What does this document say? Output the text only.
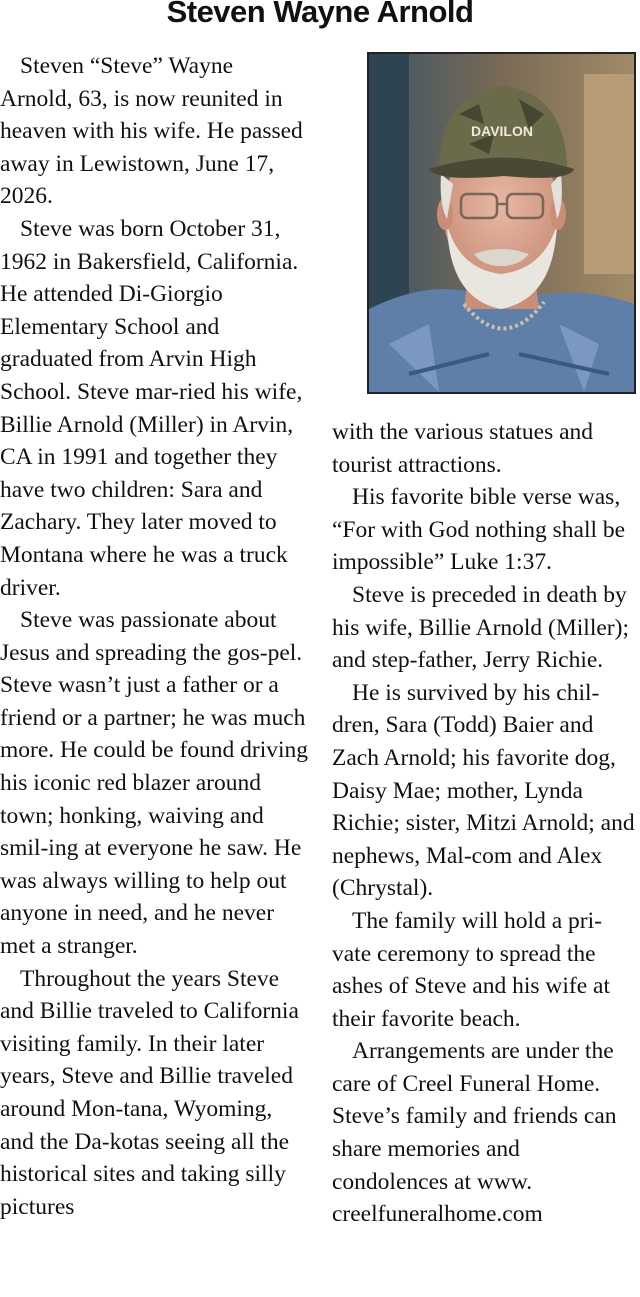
Steven Wayne Arnold
DAVILON

Steven “Steve” Wayne Arnold, 63, is now reunited in heaven with his wife. He passed away in Lewistown, June 17, 2026.

Steve was born October 31, 1962 in Bakersfield, California. He attended Di-Giorgio Elementary School and graduated from Arvin High School. Steve mar-ried his wife, Billie Arnold (Miller) in Arvin, CA in 1991 and together they have two children: Sara and Zachary. They later moved to Montana where he was a truck driver.

Steve was passionate about Jesus and spreading the gos-pel. Steve wasn’t just a father or a friend or a partner; he was much more. He could be found driving his iconic red blazer around town; honking, waiving and smil-ing at everyone he saw. He was always willing to help out anyone in need, and he never met a stranger.

Throughout the years Steve and Billie traveled to California visiting family. In their later years, Steve and Billie traveled around Mon-tana, Wyoming, and the Da-kotas seeing all the historical sites and taking silly pictures

with the various statues and tourist attractions.

His favorite bible verse was, “For with God nothing shall be impossible” Luke 1:37.

Steve is preceded in death by his wife, Billie Arnold (Miller); and step-father, Jerry Richie.

He is survived by his chil-dren, Sara (Todd) Baier and Zach Arnold; his favorite dog, Daisy Mae; mother, Lynda Richie; sister, Mitzi Arnold; and nephews, Mal-com and Alex (Chrystal).

The family will hold a pri-vate ceremony to spread the ashes of Steve and his wife at their favorite beach.

Arrangements are under the care of Creel Funeral Home. Steve’s family and friends can share memories and condolences at www. creelfuneralhome.com
